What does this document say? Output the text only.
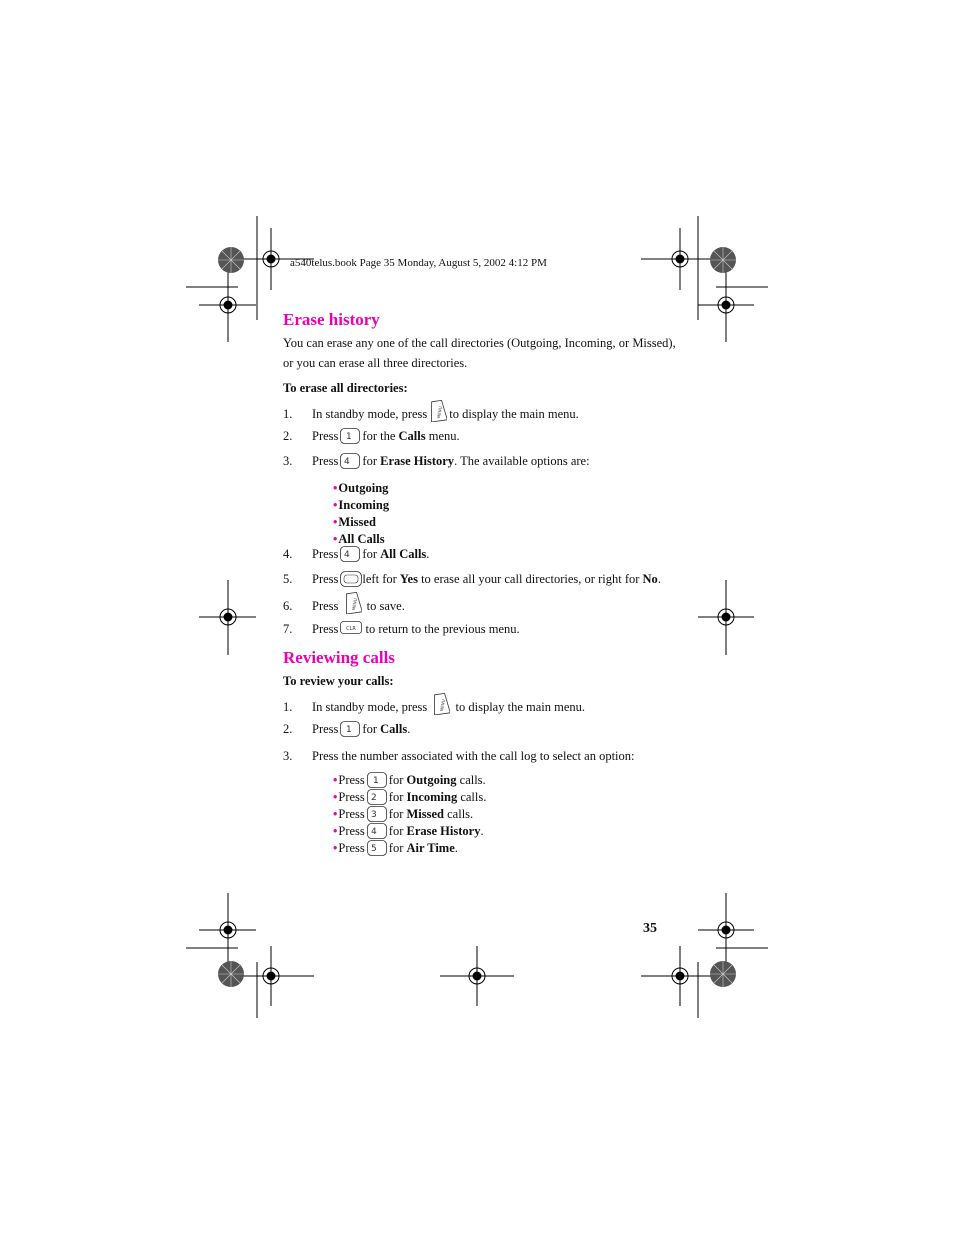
a540telus.book Page 35 Monday, August 5, 2002 4:12 PM
Erase history
You can erase any one of the call directories (Outgoing, Incoming, or Missed),
or you can erase all three directories.
To erase all directories:
1.	In standby mode, press MENU to display the main menu.
2.	Press 1 for the
Calls
menu.
3.	Press 4 for
Erase History . The available options are:
• Outgoing
• Incoming
• Missed
• All Calls
4.	Press 4 for
All Calls .
5.	Press left for
Yes
to erase all your call directories, or right for
No .
6.	Press
	MENU
to save.
7.	Press CLR
to return to the previous menu.
Reviewing calls
To review your calls:
1.	In standby mode, press
	MENU
to display the main menu.
2.	Press 1 for
Calls .
3.	Press the number associated with the call log to select an option:
• Press 1 for
Outgoing
calls.
• Press 2 for
Incoming
calls.
• Press 3 for
Missed
calls.
• Press 4 for
Erase History .
• Press 5 for
Air Time .
35
